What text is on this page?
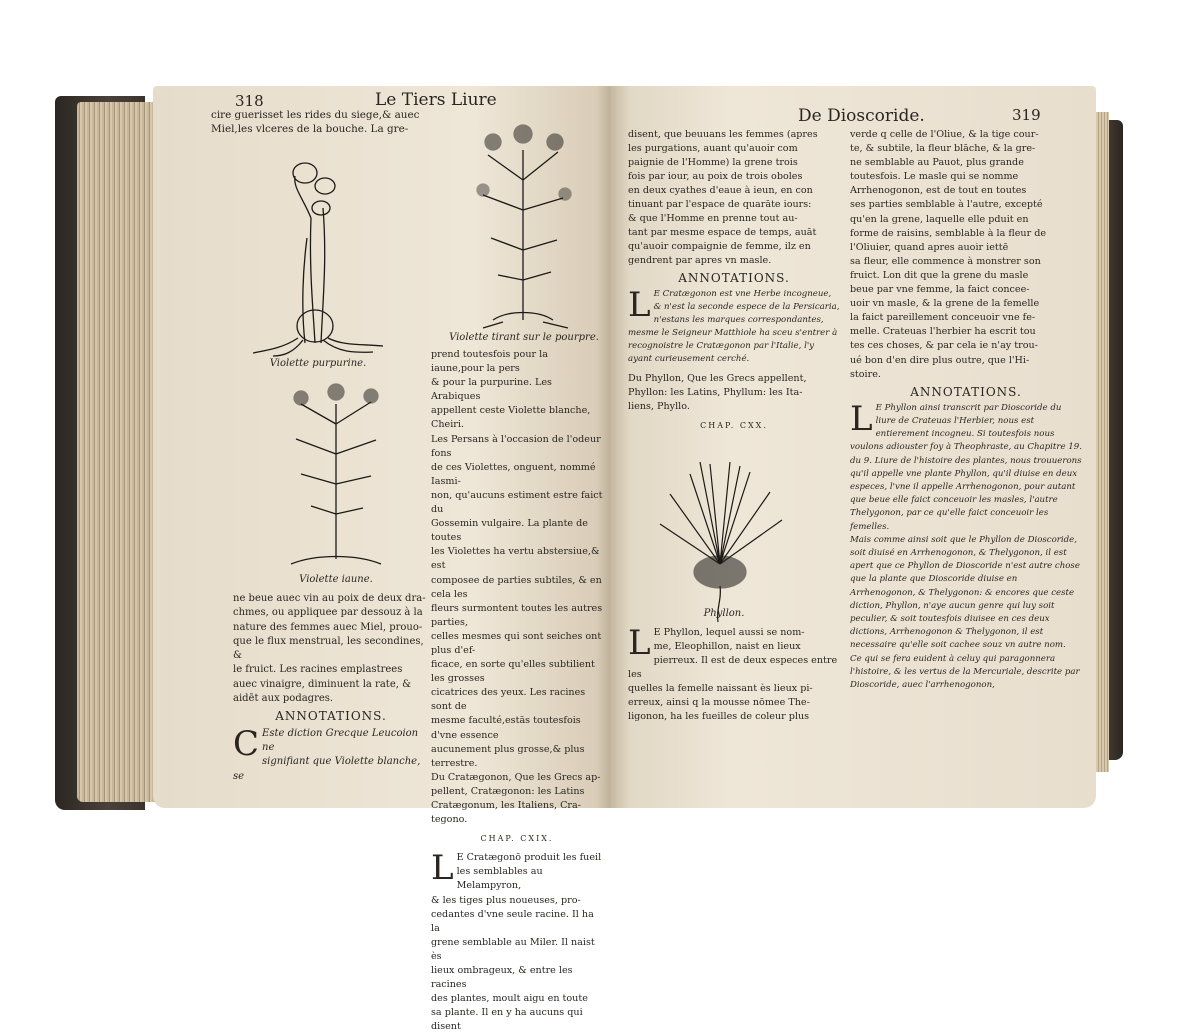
318	Le Tiers Liure

cire guerisset les rides du siege,& auec
Miel,les vlceres de la bouche. La gre-

Violette purpurine.
Violette tirant sur le pourpre.
Violette iaune.

prend toutesfois pour la iaune,pour la pers
& pour la purpurine. Les Arabiques
appellent ceste Violette blanche, Cheiri.
Les Persans à l'occasion de l'odeur fons
de ces Violettes, onguent, nommé Iasmi-
non, qu'aucuns estiment estre faict du
Gossemin vulgaire. La plante de toutes
les Violettes ha vertu abstersiue,& est
composee de parties subtiles, & en cela les
fleurs surmontent toutes les autres parties,
celles mesmes qui sont seiches ont plus d'ef-
ficace, en sorte qu'elles subtilient les grosses
cicatrices des yeux. Les racines sont de
mesme faculté,estās toutesfois d'vne essence
aucunement plus grosse,& plus terrestre.
Du Cratægonon, Que les Grecs ap-
pellent, Cratægonon: les Latins
Cratægonum, les Italiens, Cra-
tegono.

CHAP. CXIX.
L E Cratægonō produit les fueil
les semblables au Melampyron,
& les tiges plus noueuses, pro-
cedantes d'vne seule racine. Il ha la
grene semblable au Miler. Il naist ès
lieux ombrageux, & entre les racines
des plantes, moult aigu en toute
sa plante. Il en y ha aucuns qui
disent

ne beue auec vin au poix de deux dra-
chmes, ou appliquee par dessouz à la
nature des femmes auec Miel, prouo-
que le flux menstrual, les secondines, &
le fruict. Les racines emplastrees
auec vinaigre, diminuent la rate, &
aidēt aux podagres.

ANNOTATIONS.
C Este diction Grecque Leucoion ne
signifiant que Violette blanche, se

De Dioscoride.	319

disent, que beuuans les femmes (apres
les purgations, auant qu'auoir com
paignie de l'Homme) la grene trois
fois par iour, au poix de trois oboles
en deux cyathes d'eaue à ieun, en con
tinuant par l'espace de quarāte iours:
& que l'Homme en prenne tout au-
tant par mesme espace de temps, auāt
qu'auoir compaignie de femme, ilz en
gendrent par apres vn masle.

ANNOTATIONS.
L E Cratægonon est vne Herbe incogneue, & n'est la seconde espece de la Persicaria, n'estans les marques correspondantes, mesme le Seigneur Matthiole ha sceu s'entrer à recognoistre le Cratægonon par l'Italie, l'y ayant curieusement cerché.

Du Phyllon, Que les Grecs appellent,
Phyllon: les Latins, Phyllum: les Ita-
liens, Phyllo.

CHAP. CXX.
Phyllon.
L E Phyllon, lequel aussi se nom-
me, Eleophillon, naist en lieux
pierreux. Il est de deux especes entre les
quelles la femelle naissant ès lieux pi-
erreux, ainsi q la mousse nōmee The-
ligonon, ha les fueilles de coleur plus

verde q celle de l'Oliue, & la tige cour-
te, & subtile, la fleur blāche, & la gre-
ne semblable au Pauot, plus grande
toutesfois. Le masle qui se nomme
Arrhenogonon, est de tout en toutes
ses parties semblable à l'autre, excepté
qu'en la grene, laquelle elle pduit en
forme de raisins, semblable à la fleur de
l'Oliuier, quand apres auoir iettē
sa fleur, elle commence à monstrer son
fruict. Lon dit que la grene du masle
beue par vne femme, la faict concee-
uoir vn masle, & la grene de la femelle
la faict pareillement conceuoir vne fe-
melle. Crateuas l'herbier ha escrit tou
tes ces choses, & par cela ie n'ay trou-
ué bon d'en dire plus outre, que l'Hi-
stoire.

ANNOTATIONS.
L E Phyllon ainsi transcrit par Dioscoride du liure de Crateuas l'Herbier, nous est entierement incogneu. Si toutesfois nous voulons adiouster foy à Theophraste, au Chapitre 19. du 9. Liure de l'histoire des plantes, nous trouuerons qu'il appelle vne plante Phyllon, qu'il diuise en deux especes, l'vne il appelle Arrhenogonon, pour autant que beue elle faict conceuoir les masles, l'autre Thelygonon, par ce qu'elle faict conceuoir les femelles.
Mais comme ainsi soit que le Phyllon de Dioscoride, soit diuisé en Arrhenogonon, & Thelygonon, il est apert que ce Phyllon de Dioscoride n'est autre chose que la plante que Dioscoride diuise en Arrhenogonon, & Thelygonon: & encores que ceste diction, Phyllon, n'aye aucun genre qui luy soit peculier, & soit toutesfois diuisee en ces deux dictions, Arrhenogonon & Thelygonon, il est necessaire qu'elle soit cachee souz vn autre nom.
Ce qui se fera euident à celuy qui paragonnera l'histoire, & les vertus de la Mercuriale, descrite par Dioscoride, auec l'arrhenogonon,
